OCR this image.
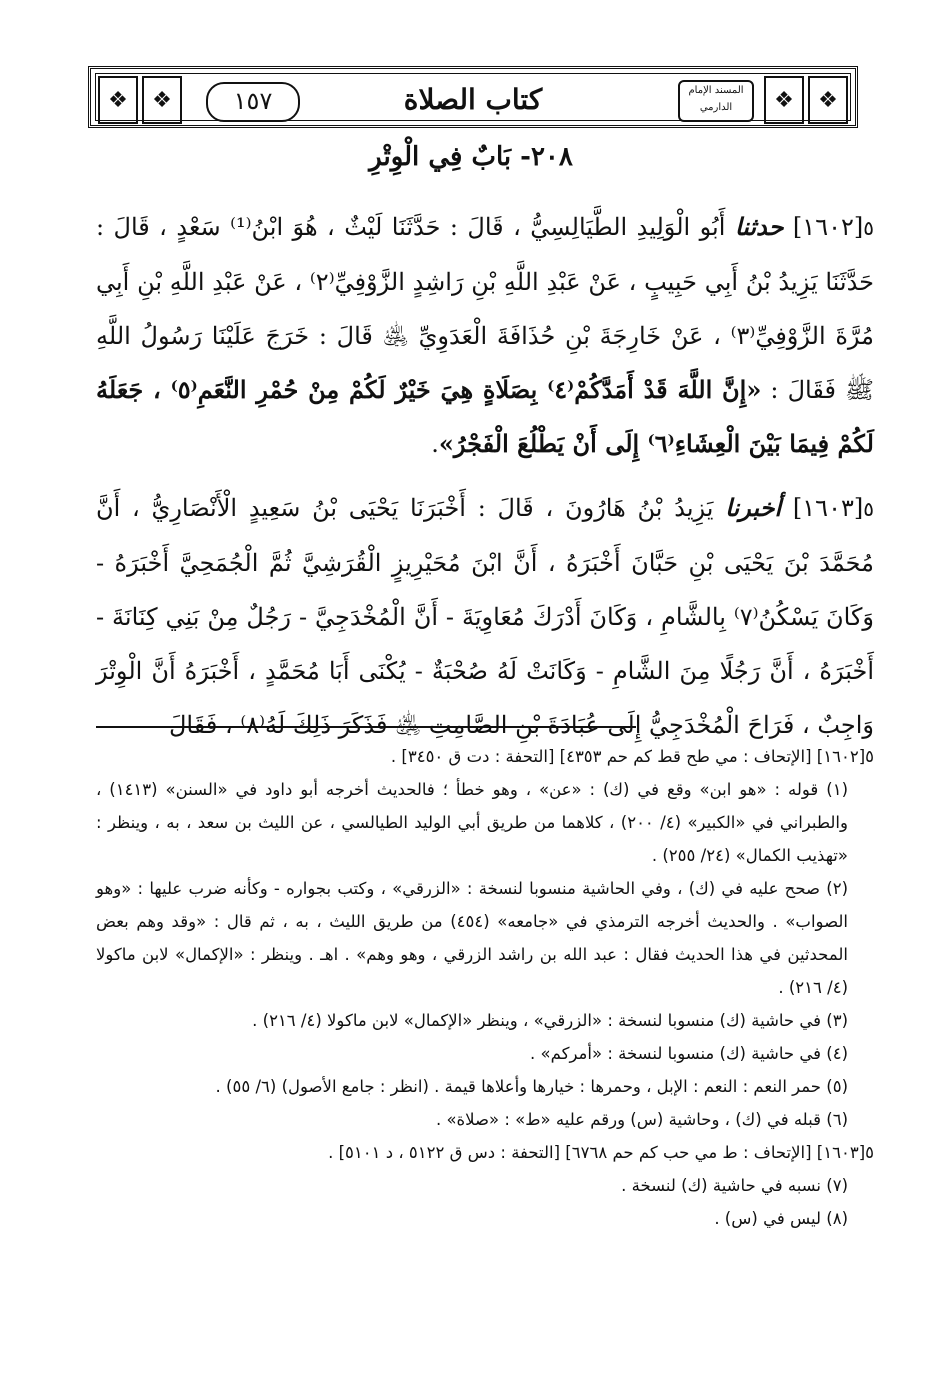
❖	❖	١٥٧	كتاب الصلاة	المسند الإمام الدارمي	❖	❖
٢٠٨- بَابٌ فِي الْوِتْرِ

٥[١٦٠٢] حدثنا أَبُو الْوَلِيدِ الطَّيَالِسِيُّ ، قَالَ : حَدَّثَنَا لَيْثٌ ، هُوَ ابْنُ⁽¹⁾ سَعْدٍ ، قَالَ : حَدَّثَنَا يَزِيدُ بْنُ أَبِي حَبِيبٍ ، عَنْ عَبْدِ اللَّهِ بْنِ رَاشِدٍ الزَّوْفِيِّ⁽٢⁾ ، عَنْ عَبْدِ اللَّهِ بْنِ أَبِي مُرَّةَ الزَّوْفِيِّ⁽٣⁾ ، عَنْ خَارِجَةَ بْنِ حُذَافَةَ الْعَدَوِيِّ ﵁ قَالَ : خَرَجَ عَلَيْنَا رَسُولُ اللَّهِ ﷺ فَقَالَ : «إِنَّ اللَّهَ قَدْ أَمَدَّكُمْ⁽٤⁾ بِصَلَاةٍ هِيَ خَيْرٌ لَكُمْ مِنْ حُمْرِ النَّعَمِ⁽٥⁾ ، جَعَلَهُ لَكُمْ فِيمَا بَيْنَ الْعِشَاءِ⁽٦⁾ إِلَى أَنْ يَطْلُعَ الْفَجْرُ».

٥[١٦٠٣] أخبرنا يَزِيدُ بْنُ هَارُونَ ، قَالَ : أَخْبَرَنَا يَحْيَى بْنُ سَعِيدٍ الْأَنْصَارِيُّ ، أَنَّ مُحَمَّدَ بْنَ يَحْيَى بْنِ حَبَّانَ أَخْبَرَهُ ، أَنَّ ابْنَ مُحَيْرِيزٍ الْقُرَشِيَّ ثُمَّ الْجُمَحِيَّ أَخْبَرَهُ - وَكَانَ يَسْكُنُ⁽٧⁾ بِالشَّامِ ، وَكَانَ أَدْرَكَ مُعَاوِيَةَ - أَنَّ الْمُخْدَجِيَّ - رَجُلٌ مِنْ بَنِي كِنَانَةَ - أَخْبَرَهُ ، أَنَّ رَجُلًا مِنَ الشَّامِ - وَكَانَتْ لَهُ صُحْبَةٌ - يُكْنَى أَبَا مُحَمَّدٍ ، أَخْبَرَهُ أَنَّ الْوِتْرَ وَاجِبٌ ، فَرَاحَ الْمُخْدَجِيُّ إِلَى عُبَادَةَ بْنِ الصَّامِتِ ﵁ فَذَكَرَ ذَلِكَ لَهُ⁽٨⁾ ، فَقَالَ

٥[١٦٠٢] [الإتحاف : مي طح قط كم حم ٤٣٥٣] [التحفة : دت ق ٣٤٥٠] .

(١) قوله : «هو ابن» وقع في (ك) : «عن» ، وهو خطأ ؛ فالحديث أخرجه أبو داود في «السنن» (١٤١٣) ، والطبراني في «الكبير» (٤/ ٢٠٠) ، كلاهما من طريق أبي الوليد الطيالسي ، عن الليث بن سعد ، به ، وينظر : «تهذيب الكمال» (٢٤/ ٢٥٥) .

(٢) صحح عليه في (ك) ، وفي الحاشية منسوبا لنسخة : «الزرقي» ، وكتب بجواره - وكأنه ضرب عليها : «وهو الصواب» . والحديث أخرجه الترمذي في «جامعه» (٤٥٤) من طريق الليث ، به ، ثم قال : «وقد وهم بعض المحدثين في هذا الحديث فقال : عبد الله بن راشد الزرقي ، وهو وهم» . اهـ . وينظر : «الإكمال» لابن ماكولا (٤/ ٢١٦) .

(٣) في حاشية (ك) منسوبا لنسخة : «الزرقي» ، وينظر «الإكمال» لابن ماكولا (٤/ ٢١٦) .

(٤) في حاشية (ك) منسوبا لنسخة : «أمركم» .

(٥) حمر النعم : النعم : الإبل ، وحمرها : خيارها وأعلاها قيمة . (انظر : جامع الأصول) (٦/ ٥٥) .

(٦) قبله في (ك) ، وحاشية (س) ورقم عليه «ط» : «صلاة» .

٥[١٦٠٣] [الإتحاف : ط مي حب كم حم ٦٧٦٨] [التحفة : دس ق ٥١٢٢ ، د ٥١٠١] .

(٧) نسبه في حاشية (ك) لنسخة .

(٨) ليس في (س) .
